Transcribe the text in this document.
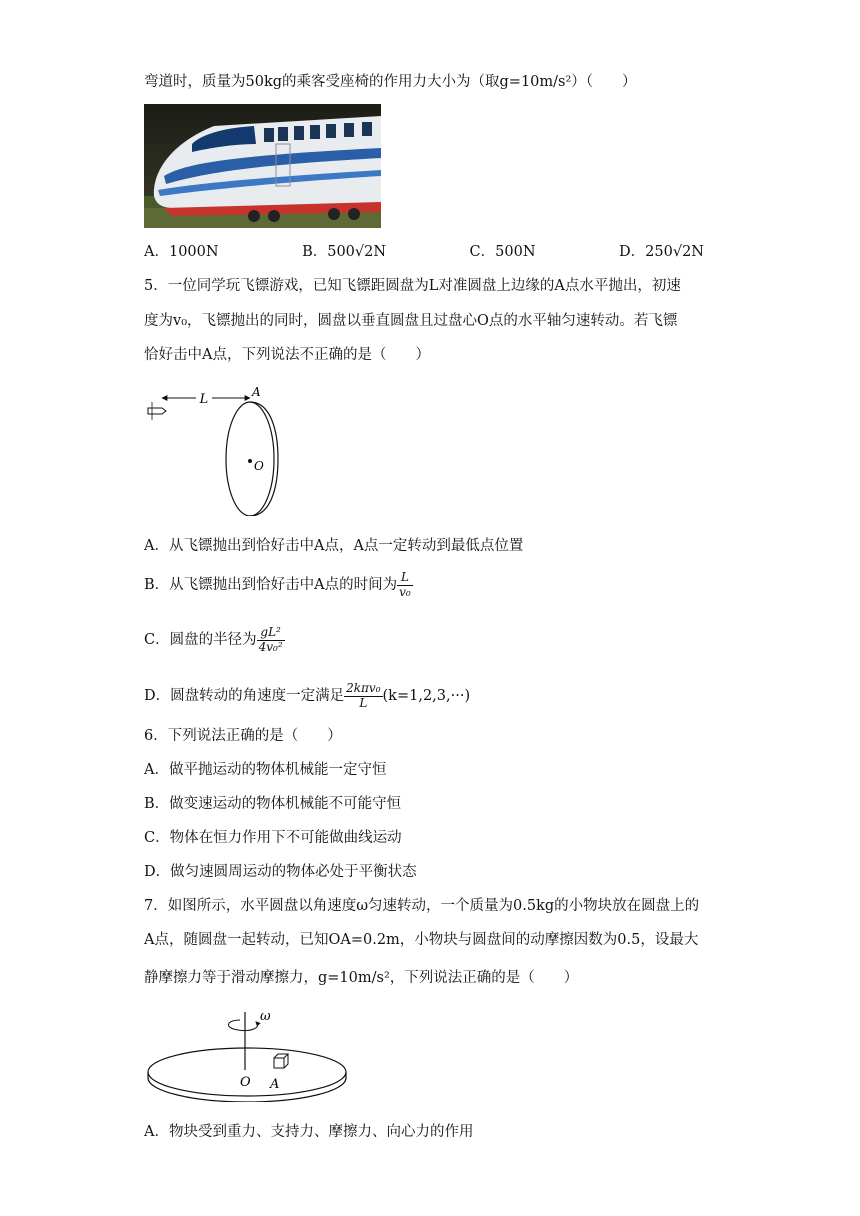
弯道时，质量为50kg的乘客受座椅的作用力大小为（取g=10m/s²）（　　）
A．1000N	B．500√2N	C．500N	D．250√2N
5．一位同学玩飞镖游戏，已知飞镖距圆盘为L对准圆盘上边缘的A点水平抛出，初速
度为v₀，飞镖抛出的同时，圆盘以垂直圆盘且过盘心O点的水平轴匀速转动。若飞镖
恰好击中A点，下列说法不正确的是（　　）
L	A
O
A．从飞镖抛出到恰好击中A点，A点一定转动到最低点位置
B．从飞镖抛出到恰好击中A点的时间为 $\frac{L}{\text{v₀}}$
C．圆盘的半径为 $\frac{\text{gL²}}{\text{4v₀²}}$
D．圆盘转动的角速度一定满足 $\frac{\text{2kπv₀}}{L} (k=1,2,3,\cdot\cdot\cdot)$
6．下列说法正确的是（　　）
A．做平抛运动的物体机械能一定守恒
B．做变速运动的物体机械能不可能守恒
C．物体在恒力作用下不可能做曲线运动
D．做匀速圆周运动的物体必处于平衡状态
7．如图所示，水平圆盘以角速度ω匀速转动，一个质量为0.5kg的小物块放在圆盘上的
A点，随圆盘一起转动，已知OA=0.2m，小物块与圆盘间的动摩擦因数为0.5，设最大
静摩擦力等于滑动摩擦力，g=10m/s²，下列说法正确的是（　　）
ω
O A
A．物块受到重力、支持力、摩擦力、向心力的作用
